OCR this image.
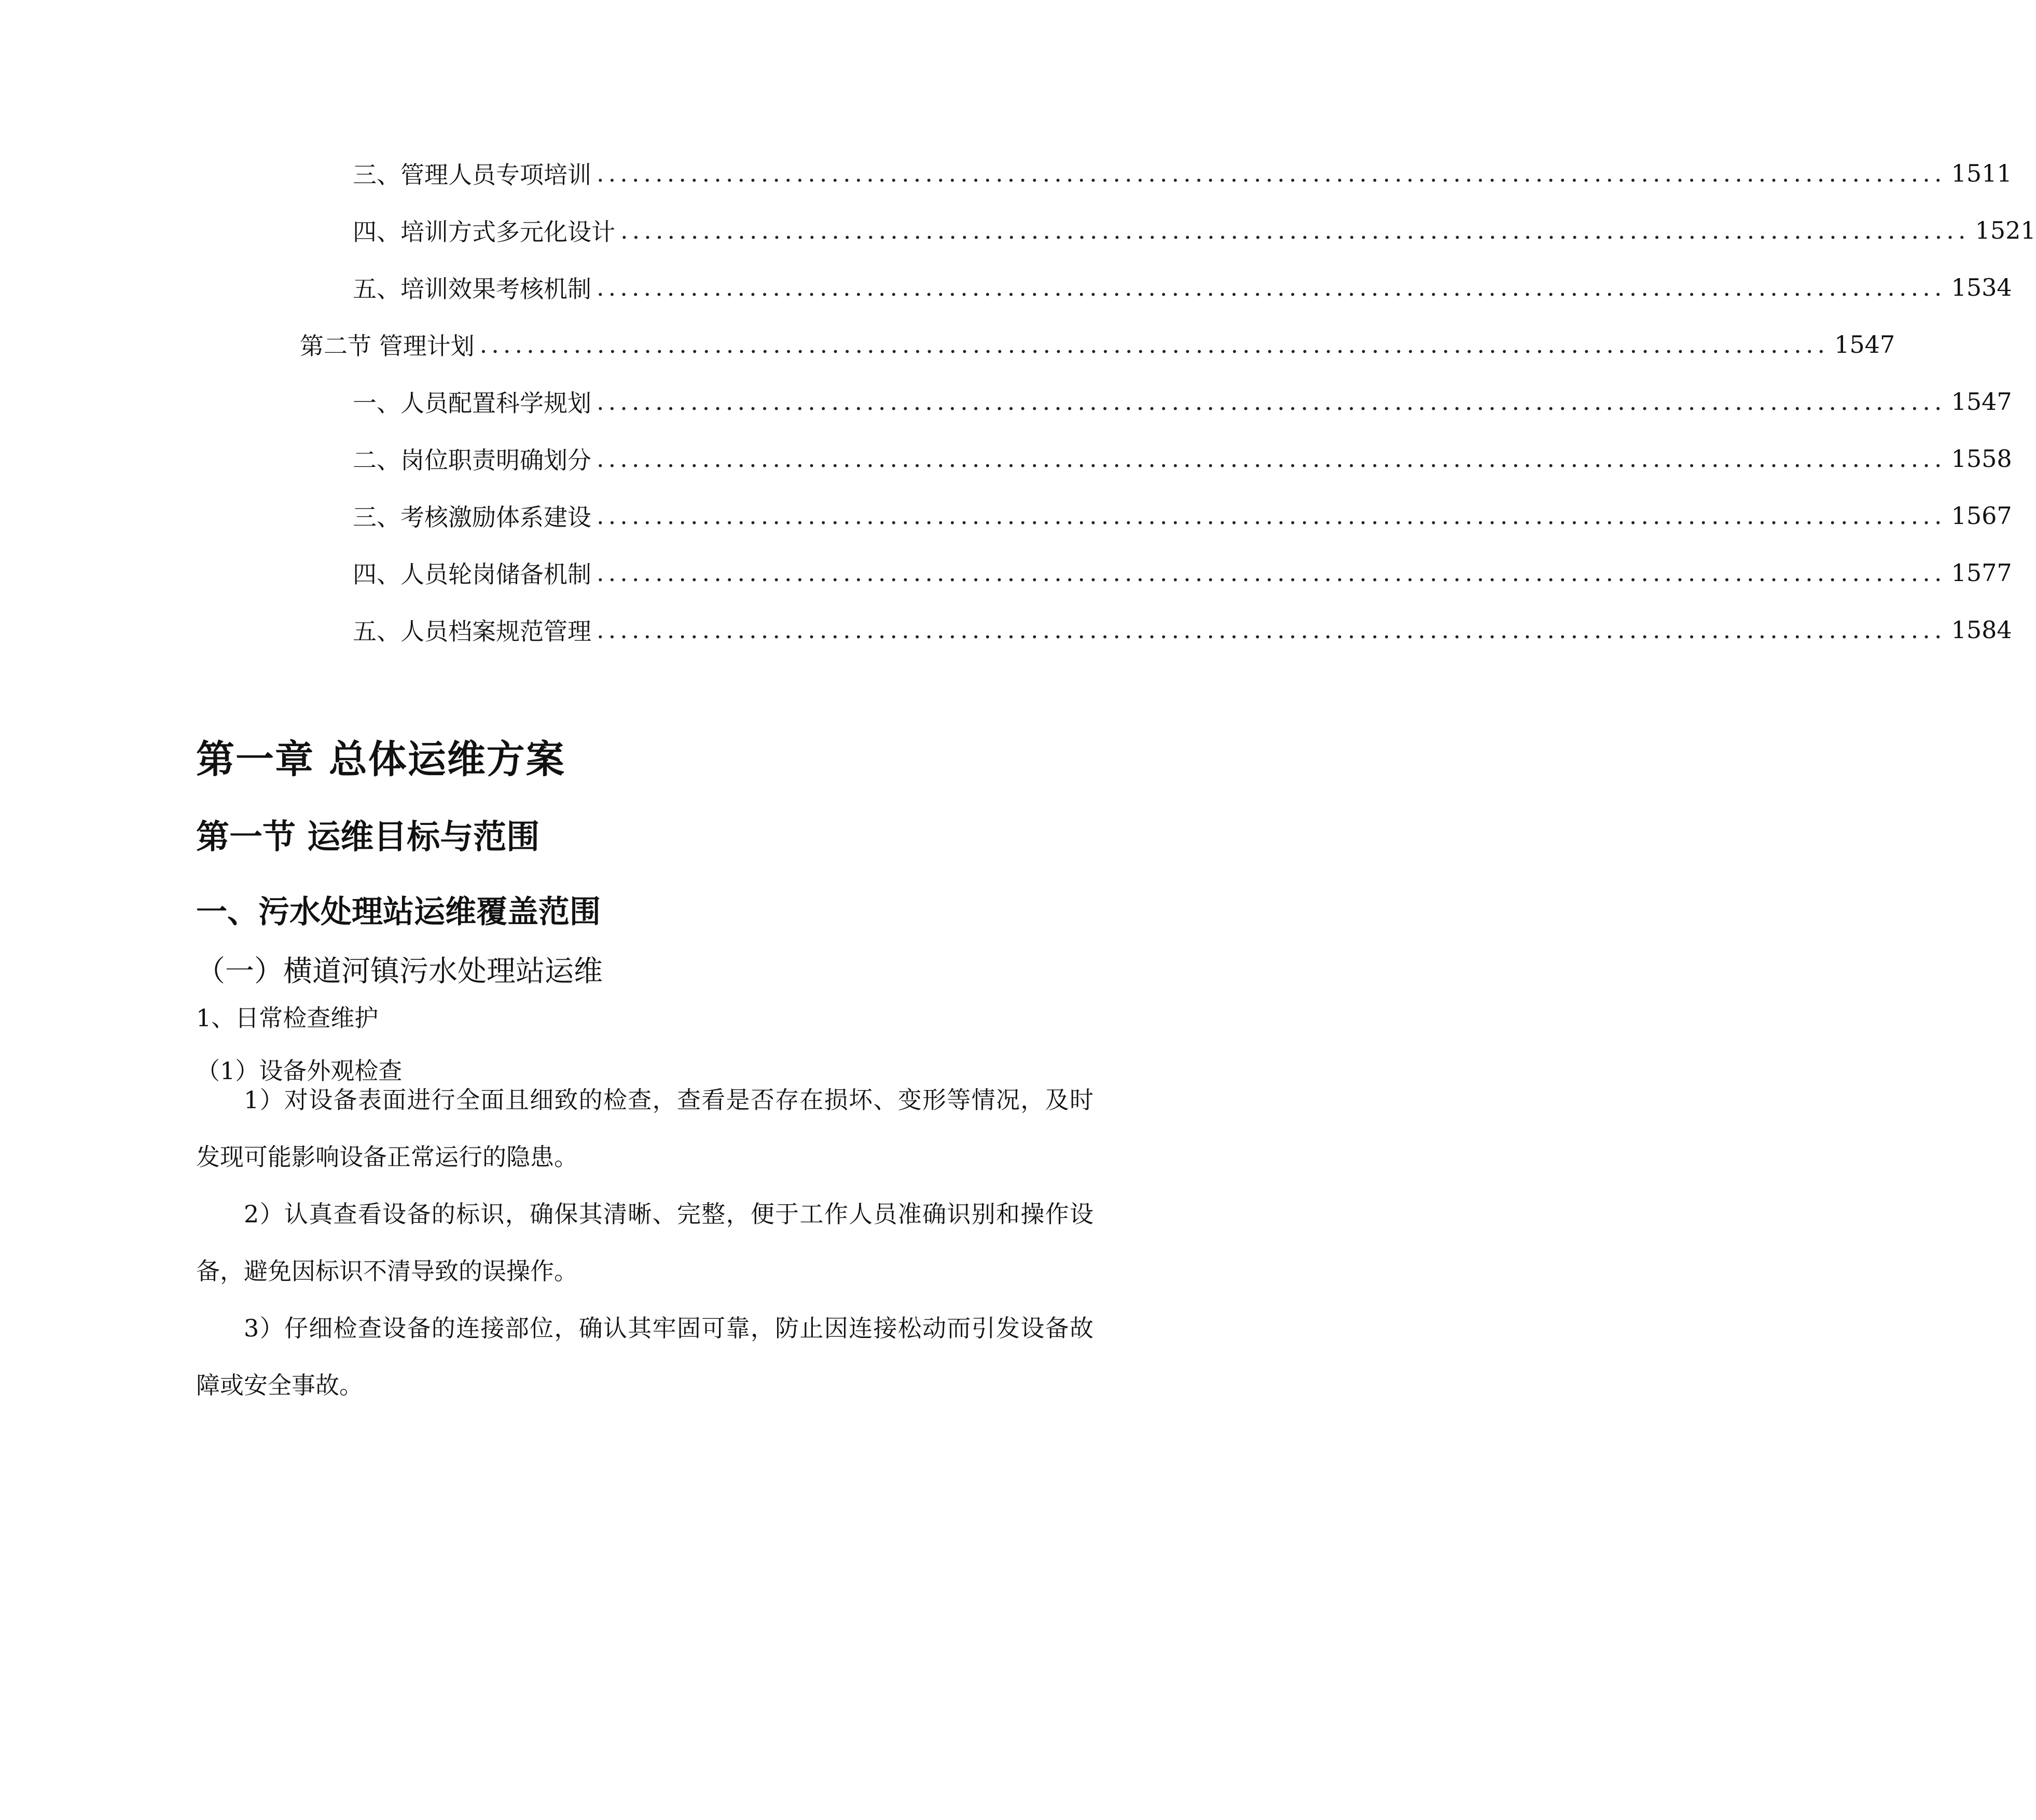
三、 管理人员专项培训 ................................................................................................................... 1511
四、 培训方式多元化设计 ................................................................................................................... 1521
五、 培训效果考核机制 ................................................................................................................... 1534
第二节 管理计划 ................................................................................................................... 1547
一、 人员配置科学规划 ................................................................................................................... 1547
二、 岗位职责明确划分 ................................................................................................................... 1558
三、 考核激励体系建设 ................................................................................................................... 1567
四、 人员轮岗储备机制 ................................................................................................................... 1577
五、 人员档案规范管理 ................................................................................................................... 1584
第一章 总体运维方案
第一节 运维目标与范围
一、污水处理站运维覆盖范围
（一）横道河镇污水处理站运维
1、日常检查维护
（1）设备外观检查

1）对设备表面进行全面且细致的检查，查看是否存在损坏、变形等情况，及时发现可能影响设备正常运行的隐患。

2）认真查看设备的标识，确保其清晰、完整，便于工作人员准确识别和操作设备，避免因标识不清导致的误操作。

3）仔细检查设备的连接部位，确认其牢固可靠，防止因连接松动而引发设备故障或安全事故。
